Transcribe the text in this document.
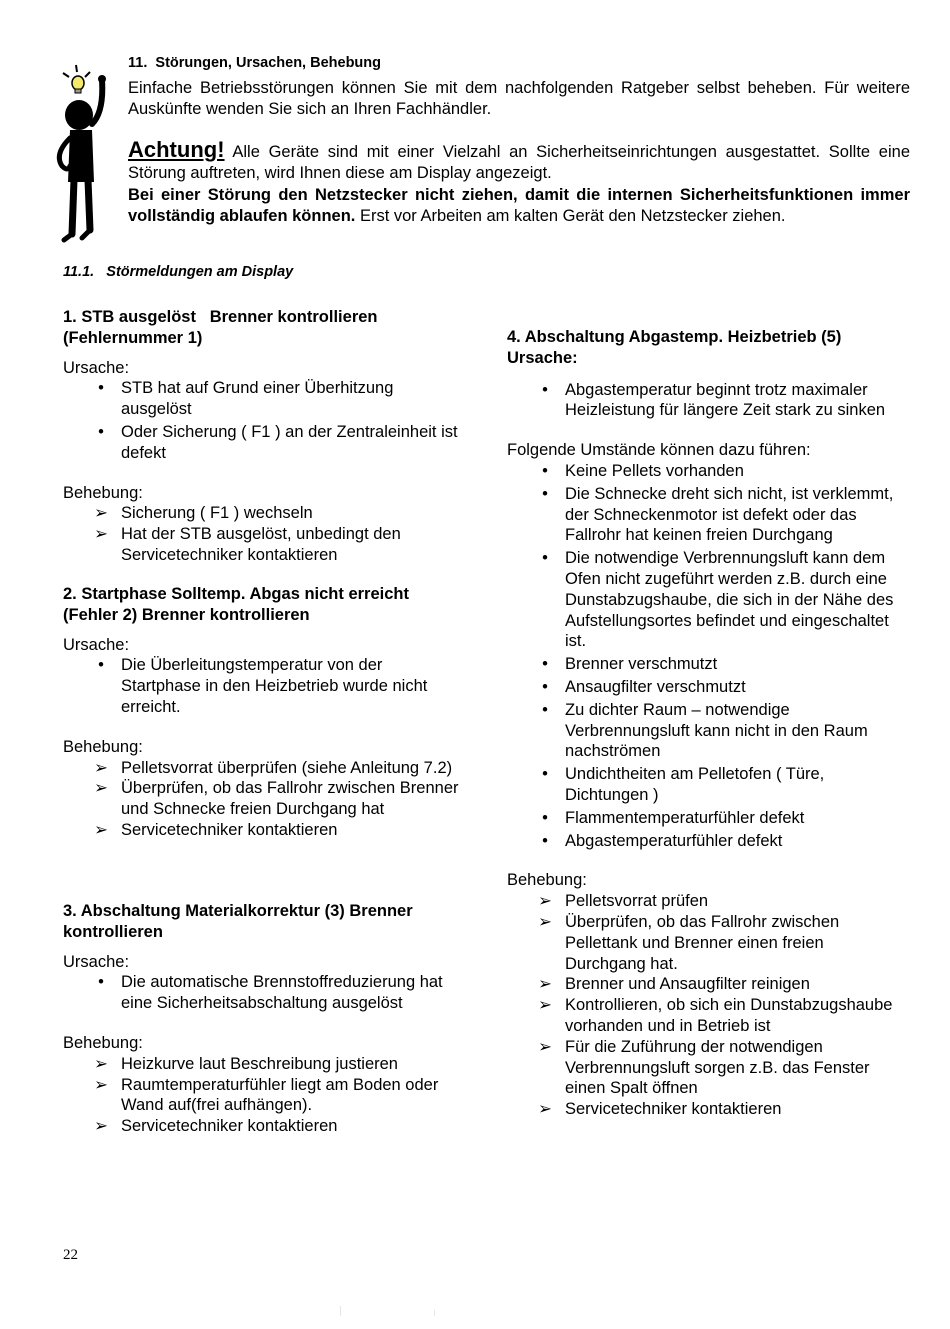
11. Störungen, Ursachen, Behebung
Einfache Betriebsstörungen können Sie mit dem nachfolgenden Ratgeber selbst beheben. Für weitere Auskünfte wenden Sie sich an Ihren Fachhändler.
Achtung! Alle Geräte sind mit einer Vielzahl an Sicherheitseinrichtungen ausgestattet. Sollte eine Störung auftreten, wird Ihnen diese am Display angezeigt.
Bei einer Störung den Netzstecker nicht ziehen, damit die internen Sicherheitsfunktionen immer vollständig ablaufen können. Erst vor Arbeiten am kalten Gerät den Netzstecker ziehen.
11.1. Störmeldungen am Display
1. STB ausgelöst   Brenner kontrollieren
(Fehlernummer 1)
Ursache:
•	STB hat auf Grund einer Überhitzung ausgelöst
•	Oder Sicherung ( F1 ) an der Zentraleinheit ist defekt
Behebung:
➢ Sicherung ( F1 ) wechseln
➢ Hat der STB ausgelöst, unbedingt den Servicetechniker kontaktieren
2. Startphase Solltemp. Abgas nicht erreicht
(Fehler 2) Brenner kontrollieren
Ursache:
•	Die Überleitungstemperatur von der Startphase in den Heizbetrieb wurde nicht erreicht.
Behebung:
➢ Pelletsvorrat überprüfen (siehe Anleitung 7.2)
➢ Überprüfen, ob das Fallrohr zwischen Brenner und Schnecke freien Durchgang hat
➢ Servicetechniker kontaktieren
3. Abschaltung Materialkorrektur (3) Brenner
kontrollieren
Ursache:
•	Die automatische Brennstoffreduzierung hat eine Sicherheitsabschaltung ausgelöst
Behebung:
➢ Heizkurve laut Beschreibung justieren
➢ Raumtemperaturfühler liegt am Boden oder Wand auf(frei aufhängen).
➢ Servicetechniker kontaktieren
4. Abschaltung Abgastemp. Heizbetrieb (5)
Ursache:
•	Abgastemperatur beginnt trotz maximaler Heizleistung für längere Zeit stark zu sinken
Folgende Umstände können dazu führen:
•	Keine Pellets vorhanden
•	Die Schnecke dreht sich nicht, ist verklemmt, der Schneckenmotor ist defekt oder das Fallrohr hat keinen freien Durchgang
•	Die notwendige Verbrennungsluft kann dem Ofen nicht zugeführt werden z.B. durch eine Dunstabzugshaube, die sich in der Nähe des Aufstellungsortes befindet und eingeschaltet ist.
•	Brenner verschmutzt
•	Ansaugfilter verschmutzt
•	Zu dichter Raum – notwendige Verbrennungsluft kann nicht in den Raum nachströmen
•	Undichtheiten am Pelletofen ( Türe, Dichtungen )
•	Flammentemperaturfühler defekt
•	Abgastemperaturfühler defekt
Behebung:
➢ Pelletsvorrat prüfen
➢ Überprüfen, ob das Fallrohr zwischen Pellettank und Brenner einen freien Durchgang hat.
➢ Brenner und Ansaugfilter reinigen
➢ Kontrollieren, ob sich ein Dunstabzugshaube vorhanden und in Betrieb ist
➢ Für die Zuführung der notwendigen Verbrennungsluft sorgen z.B. das Fenster einen Spalt öffnen
➢ Servicetechniker kontaktieren
22
